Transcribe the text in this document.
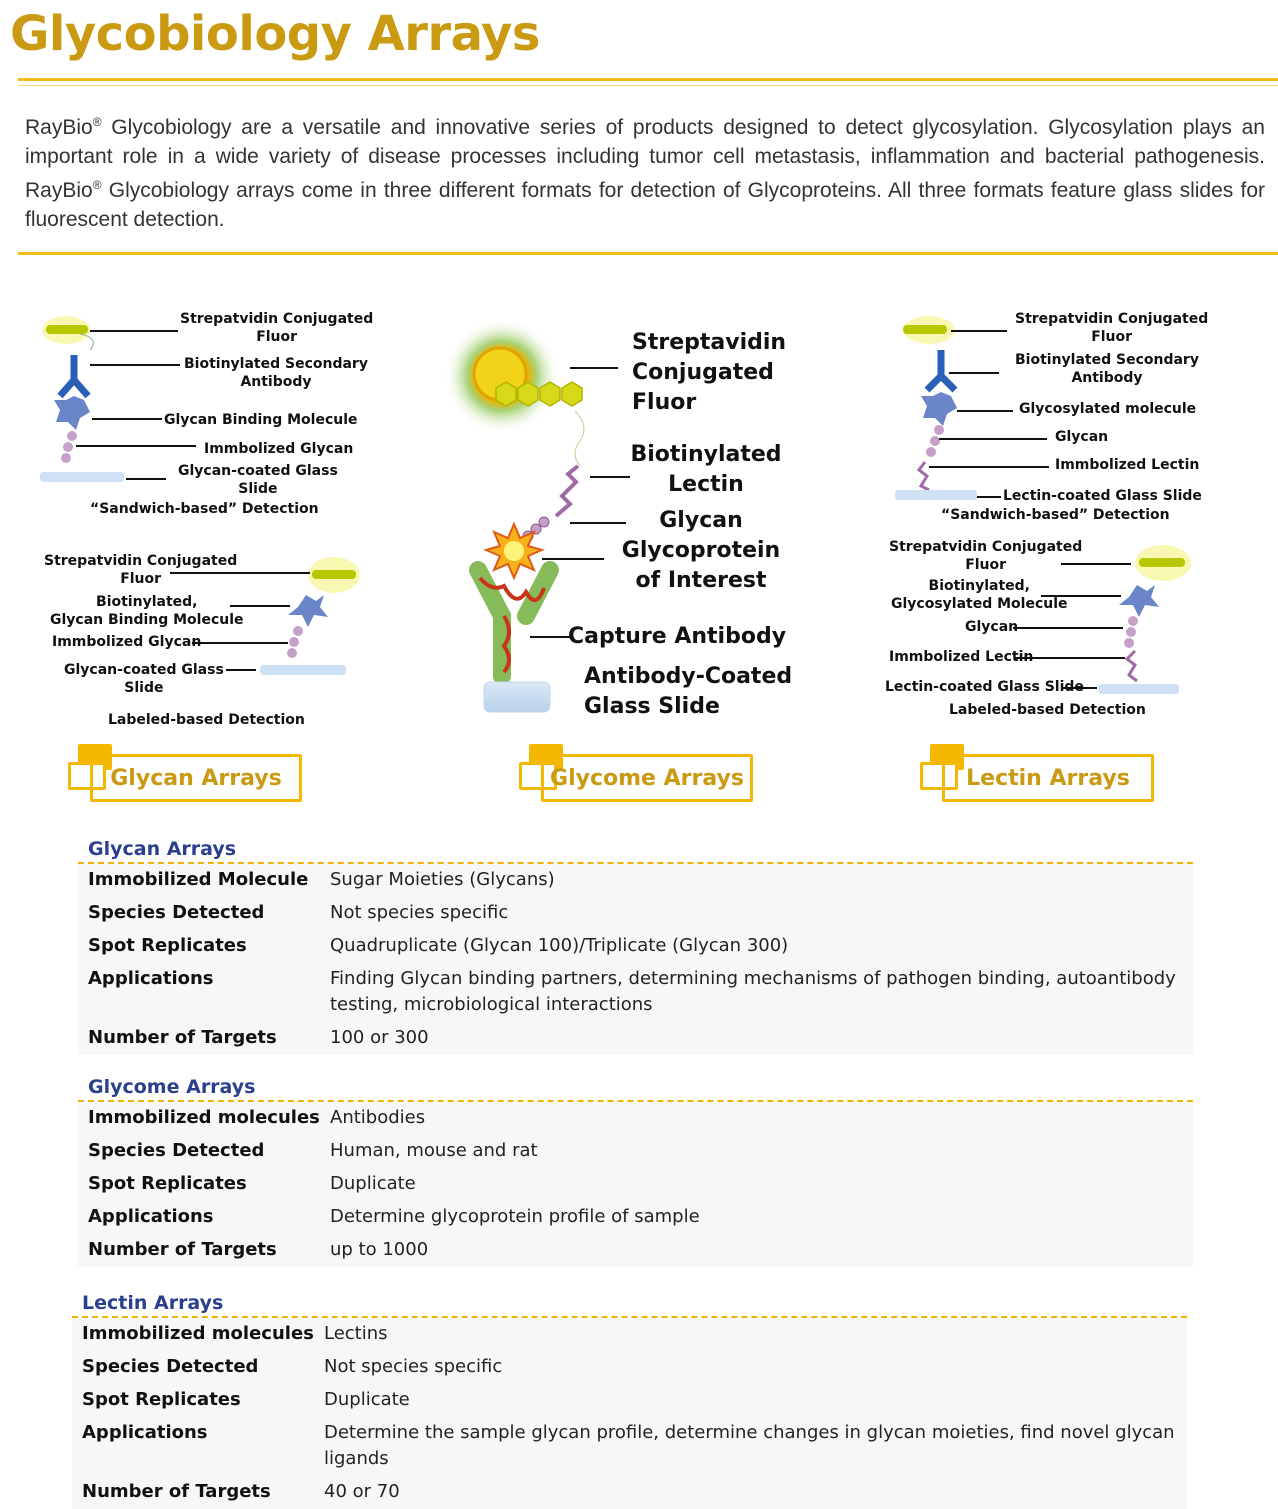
Glycobiology Arrays

RayBio® Glycobiology are a versatile and innovative series of products designed to detect glycosylation. Glycosylation plays an important role in a wide variety of disease processes including tumor cell metastasis, inflammation and bacterial pathogenesis. RayBio® Glycobiology arrays come in three different formats for detection of Glycoproteins. All three formats feature glass slides for fluorescent detection.

Strepatvidin Conjugated
Fluor
Biotinylated Secondary
Antibody
Glycan Binding Molecule
Immbolized Glycan
Glycan-coated Glass
Slide
“Sandwich-based” Detection
Strepatvidin Conjugated
Fluor
Biotinylated,
Glycan Binding Molecule
Immbolized Glycan
Glycan-coated Glass
Slide
Labeled-based Detection
Streptavidin
Conjugated
Fluor
Biotinylated
Lectin
Glycan
Glycoprotein
of Interest
Capture Antibody
Antibody-Coated
Glass Slide
Strepatvidin Conjugated
Fluor
Biotinylated Secondary
Antibody
Glycosylated molecule
Glycan
Immbolized Lectin
Lectin-coated Glass Slide
“Sandwich-based” Detection
Strepatvidin Conjugated
Fluor
Biotinylated,
Glycosylated Molecule
Glycan
Immbolized Lectin
Lectin-coated Glass Slide
Labeled-based Detection
Glycan Arrays	Glycome Arrays	Lectin Arrays
Glycan Arrays
Immobilized Molecule	Sugar Moieties (Glycans)
Species Detected	Not species specific
Spot Replicates	Quadruplicate (Glycan 100)/Triplicate (Glycan 300)
Applications	Finding Glycan binding partners, determining mechanisms of pathogen binding, autoantibody testing, microbiological interactions
Number of Targets	100 or 300
Glycome Arrays
Immobilized molecules	Antibodies
Species Detected	Human, mouse and rat
Spot Replicates	Duplicate
Applications	Determine glycoprotein profile of sample
Number of Targets	up to 1000
Lectin Arrays
Immobilized molecules	Lectins
Species Detected	Not species specific
Spot Replicates	Duplicate
Applications	Determine the sample glycan profile, determine changes in glycan moieties, find novel glycan ligands
Number of Targets	40 or 70
